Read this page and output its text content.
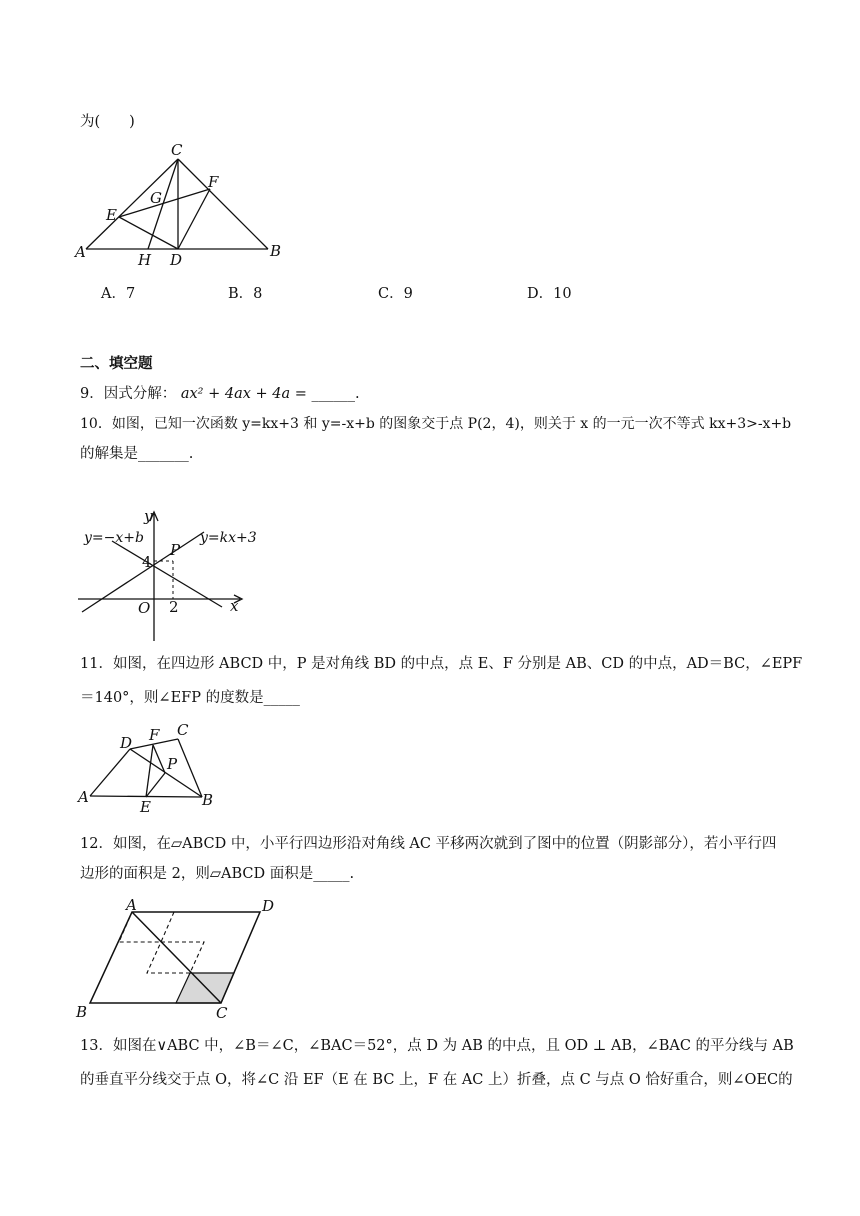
为(　　)
A	B
C
D
E
F
G
H
A．7	B．8	C．9	D．10
二、填空题
9．因式分解： ax² + 4ax + 4a = ______.
10．如图，已知一次函数 y=kx+3 和 y=-x+b 的图象交于点 P(2，4)，则关于 x 的一元一次不等式 kx+3>-x+b
的解集是_______.
y
x
O
y=−x+b	y=kx+3
P
4
2
11．如图，在四边形 ABCD 中，P 是对角线 BD 的中点，点 E、F 分别是 AB、CD 的中点，AD＝BC，∠EPF
＝140°，则∠EFP 的度数是_____
A	B
C
D
E
F
P
12．如图，在▱ABCD 中，小平行四边形沿对角线 AC 平移两次就到了图中的位置（阴影部分），若小平行四
边形的面积是 2，则▱ABCD 面积是_____.
A
B	C
D
13．如图在∨ABC 中，∠B＝∠C，∠BAC＝52°，点 D 为 AB 的中点，且 OD ⊥ AB，∠BAC 的平分线与 AB
的垂直平分线交于点 O，将∠C 沿 EF（E 在 BC 上，F 在 AC 上）折叠，点 C 与点 O 恰好重合，则∠OEC的
